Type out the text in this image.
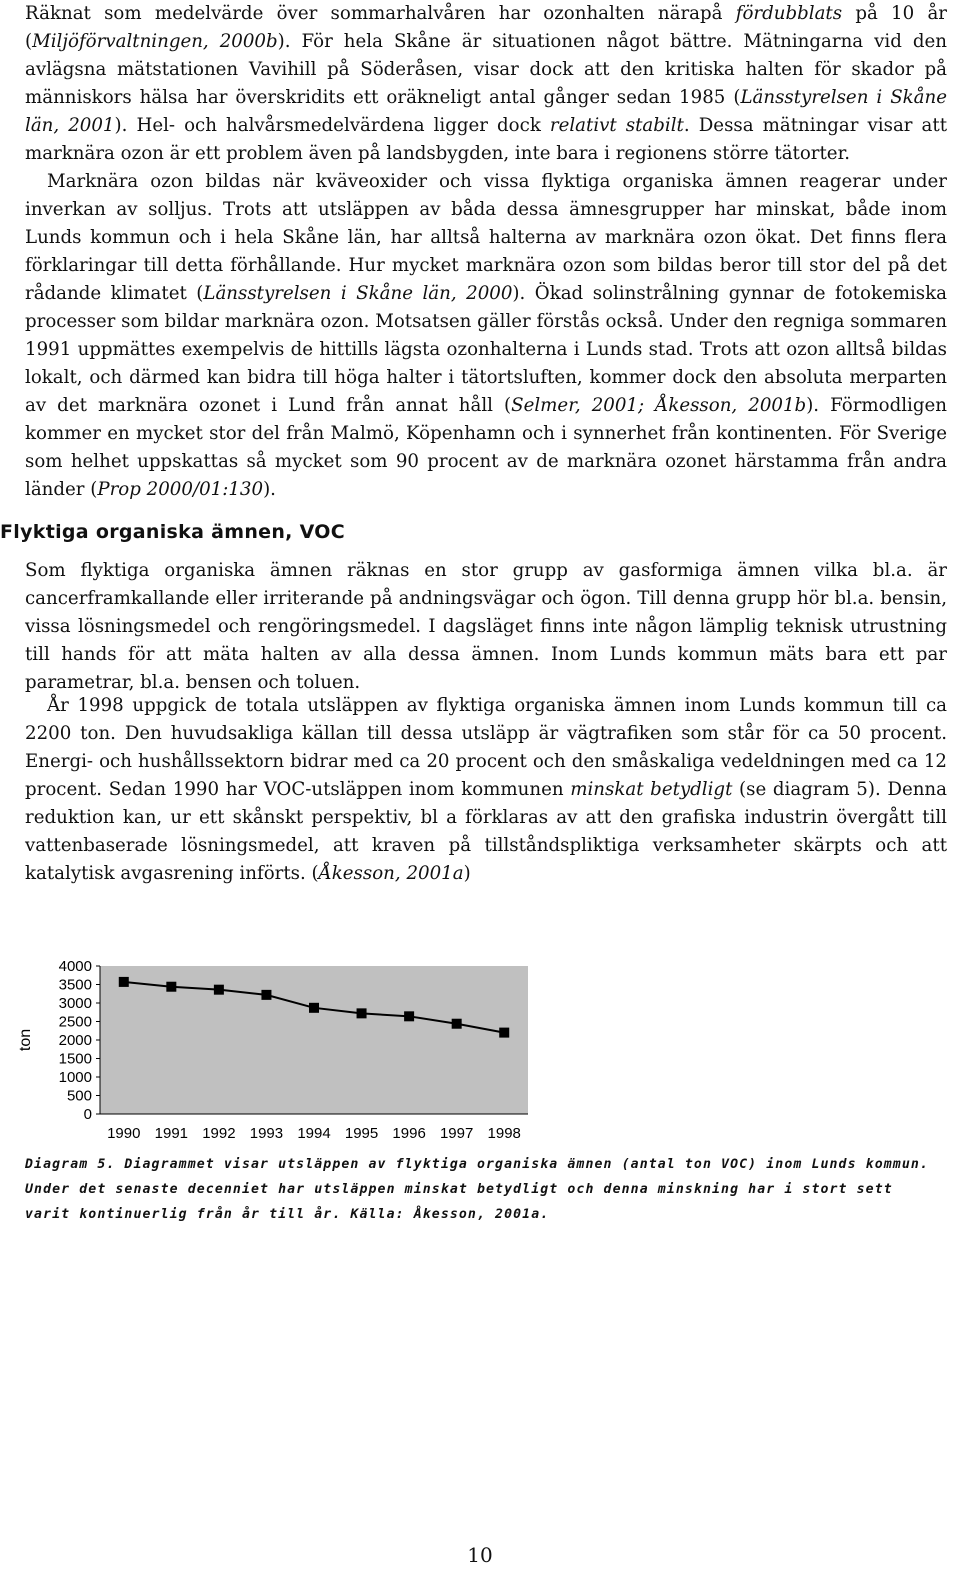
Räknat som medelvärde över sommarhalvåren har ozonhalten närapå fördubblats på 10 år (Miljöförvaltningen, 2000b). För hela Skåne är situationen något bättre. Mätningarna vid den avlägsna mätstationen Vavihill på Söderåsen, visar dock att den kritiska halten för skador på människors hälsa har överskridits ett oräkneligt antal gånger sedan 1985 (Länsstyrelsen i Skåne län, 2001). Hel- och halvårsmedelvärdena ligger dock relativt stabilt. Dessa mätningar visar att marknära ozon är ett problem även på landsbygden, inte bara i regionens större tätorter.

Marknära ozon bildas när kväveoxider och vissa flyktiga organiska ämnen reagerar under inverkan av solljus. Trots att utsläppen av båda dessa ämnesgrupper har minskat, både inom Lunds kommun och i hela Skåne län, har alltså halterna av marknära ozon ökat. Det finns flera förklaringar till detta förhållande. Hur mycket marknära ozon som bildas beror till stor del på det rådande klimatet (Länsstyrelsen i Skåne län, 2000). Ökad solinstrålning gynnar de fotokemiska processer som bildar marknära ozon. Motsatsen gäller förstås också. Under den regniga sommaren 1991 uppmättes exempelvis de hittills lägsta ozonhalterna i Lunds stad. Trots att ozon alltså bildas lokalt, och därmed kan bidra till höga halter i tätortsluften, kommer dock den absoluta merparten av det marknära ozonet i Lund från annat håll (Selmer, 2001; Åkesson, 2001b). Förmodligen kommer en mycket stor del från Malmö, Köpenhamn och i synnerhet från kontinenten. För Sverige som helhet uppskattas så mycket som 90 procent av de marknära ozonet härstamma från andra länder (Prop 2000/01:130).

Flyktiga organiska ämnen, VOC

Som flyktiga organiska ämnen räknas en stor grupp av gasformiga ämnen vilka bl.a. är cancerframkallande eller irriterande på andningsvägar och ögon. Till denna grupp hör bl.a. bensin, vissa lösningsmedel och rengöringsmedel. I dagsläget finns inte någon lämplig teknisk utrustning till hands för att mäta halten av alla dessa ämnen. Inom Lunds kommun mäts bara ett par parametrar, bl.a. bensen och toluen.

År 1998 uppgick de totala utsläppen av flyktiga organiska ämnen inom Lunds kommun till ca 2200 ton. Den huvudsakliga källan till dessa utsläpp är vägtrafiken som står för ca 50 procent. Energi- och hushållssektorn bidrar med ca 20 procent och den småskaliga vedeldningen med ca 12 procent. Sedan 1990 har VOC-utsläppen inom kommunen minskat betydligt (se diagram 5). Denna reduktion kan, ur ett skånskt perspektiv, bl a förklaras av att den grafiska industrin övergått till vattenbaserade lösningsmedel, att kraven på tillståndspliktiga verksamheter skärpts och att katalytisk avgasrening införts. (Åkesson, 2001a)

4000
3500
3000
2500
2000
1500
1000
500
0
1990 1991 1992 1993 1994 1995 1996 1997 1998
ton

Diagram 5. Diagrammet visar utsläppen av flyktiga organiska ämnen (antal ton VOC) inom Lunds kommun. Under det senaste decenniet har utsläppen minskat betydligt och denna minskning har i stort sett varit kontinuerlig från år till år. Källa: Åkesson, 2001a.

10
